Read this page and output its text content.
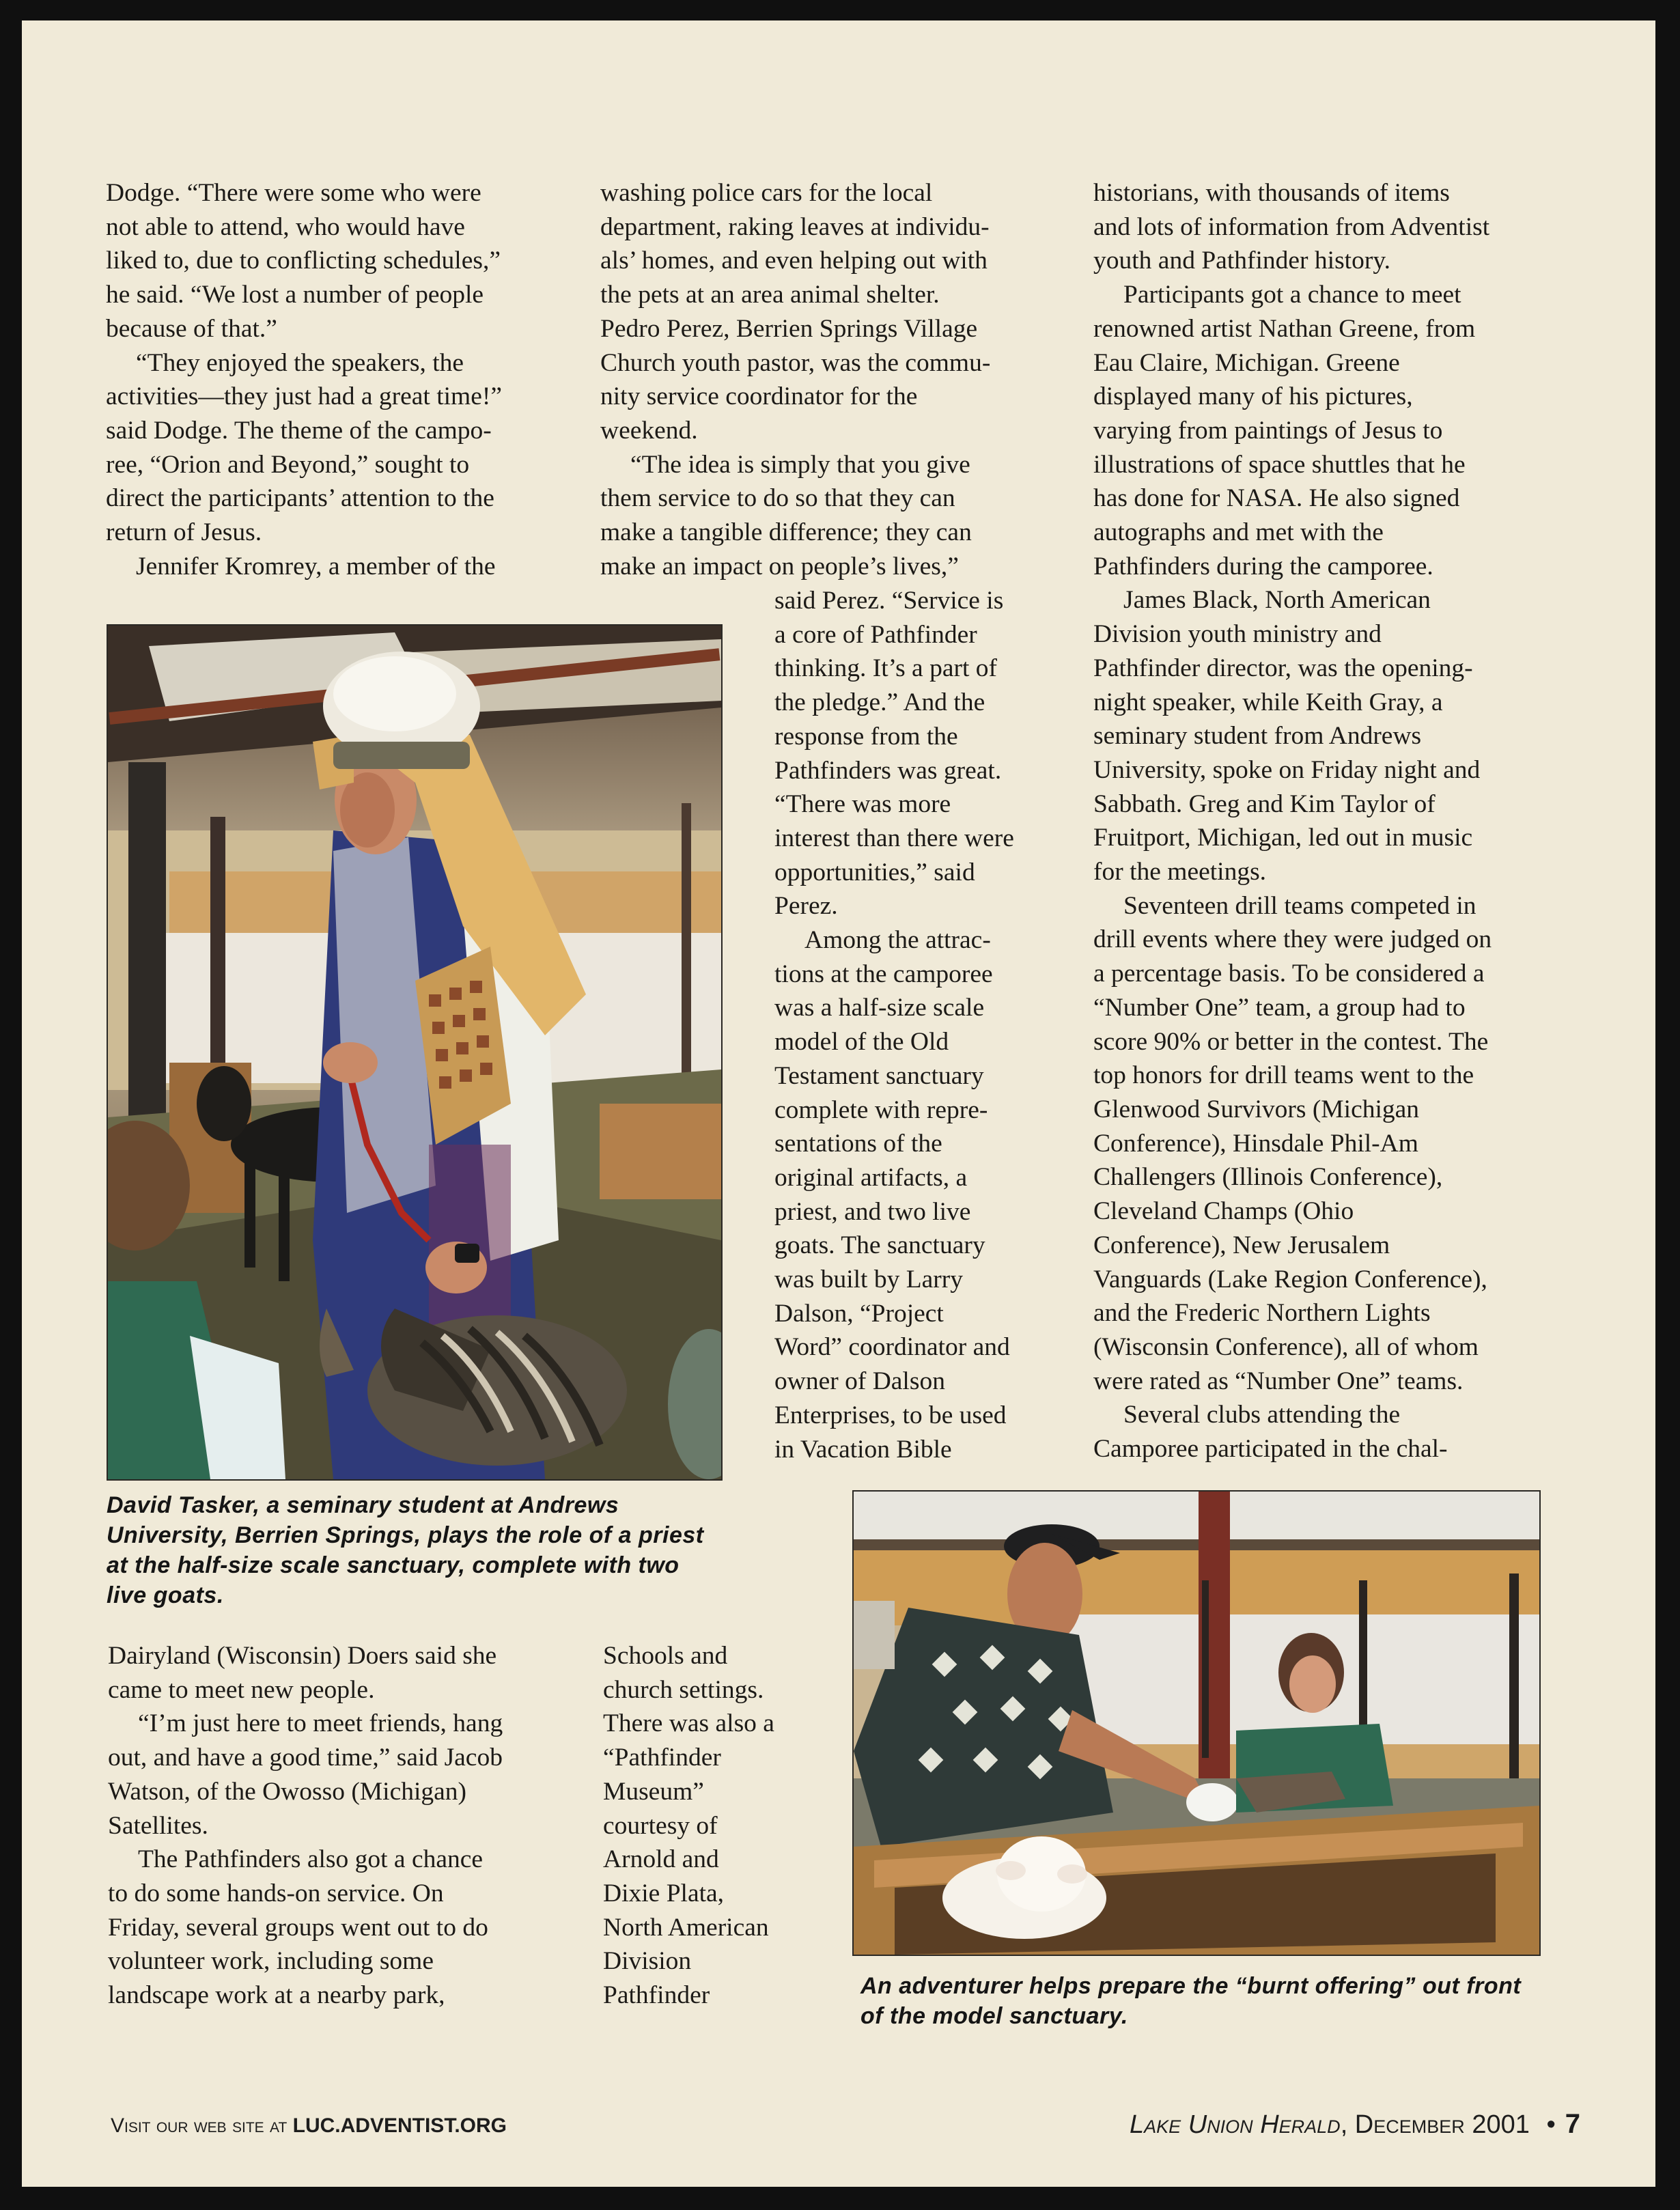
Dodge. “There were some who were

not able to attend, who would have

liked to, due to conflicting schedules,”

he said. “We lost a number of people

because of that.”

“They enjoyed the speakers, the

activities—they just had a great time!”

said Dodge. The theme of the campo-

ree, “Orion and Beyond,” sought to

direct the participants’ attention to the

return of Jesus.

Jennifer Kromrey, a member of the

washing police cars for the local

department, raking leaves at individu-

als’ homes, and even helping out with

the pets at an area animal shelter.

Pedro Perez, Berrien Springs Village

Church youth pastor, was the commu-

nity service coordinator for the

weekend.

“The idea is simply that you give

them service to do so that they can

make a tangible difference; they can

make an impact on people’s lives,”

said Perez. “Service is

a core of Pathfinder

thinking. It’s a part of

the pledge.” And the

response from the

Pathfinders was great.

“There was more

interest than there were

opportunities,” said

Perez.

Among the attrac-

tions at the camporee

was a half-size scale

model of the Old

Testament sanctuary

complete with repre-

sentations of the

original artifacts, a

priest, and two live

goats. The sanctuary

was built by Larry

Dalson, “Project

Word” coordinator and

owner of Dalson

Enterprises, to be used

in Vacation Bible

historians, with thousands of items

and lots of information from Adventist

youth and Pathfinder history.

Participants got a chance to meet

renowned artist Nathan Greene, from

Eau Claire, Michigan. Greene

displayed many of his pictures,

varying from paintings of Jesus to

illustrations of space shuttles that he

has done for NASA. He also signed

autographs and met with the

Pathfinders during the camporee.

James Black, North American

Division youth ministry and

Pathfinder director, was the opening-

night speaker, while Keith Gray, a

seminary student from Andrews

University, spoke on Friday night and

Sabbath. Greg and Kim Taylor of

Fruitport, Michigan, led out in music

for the meetings.

Seventeen drill teams competed in

drill events where they were judged on

a percentage basis. To be considered a

“Number One” team, a group had to

score 90% or better in the contest. The

top honors for drill teams went to the

Glenwood Survivors (Michigan

Conference), Hinsdale Phil-Am

Challengers (Illinois Conference),

Cleveland Champs (Ohio

Conference), New Jerusalem

Vanguards (Lake Region Conference),

and the Frederic Northern Lights

(Wisconsin Conference), all of whom

were rated as “Number One” teams.

Several clubs attending the

Camporee participated in the chal-

David Tasker, a seminary student at Andrews
University, Berrien Springs, plays the role of a priest
at the half-size scale sanctuary, complete with two
live goats.

Dairyland (Wisconsin) Doers said she

came to meet new people.

“I’m just here to meet friends, hang

out, and have a good time,” said Jacob

Watson, of the Owosso (Michigan)

Satellites.

The Pathfinders also got a chance

to do some hands-on service. On

Friday, several groups went out to do

volunteer work, including some

landscape work at a nearby park,

Schools and

church settings.

There was also a

“Pathfinder

Museum”

courtesy of

Arnold and

Dixie Plata,

North American

Division

Pathfinder	An adventurer helps prepare the “burnt offering” out front
of the model sanctuary.
Visit our web site at LUC.ADVENTIST.ORG	Lake Union Herald, December 2001 • 7
